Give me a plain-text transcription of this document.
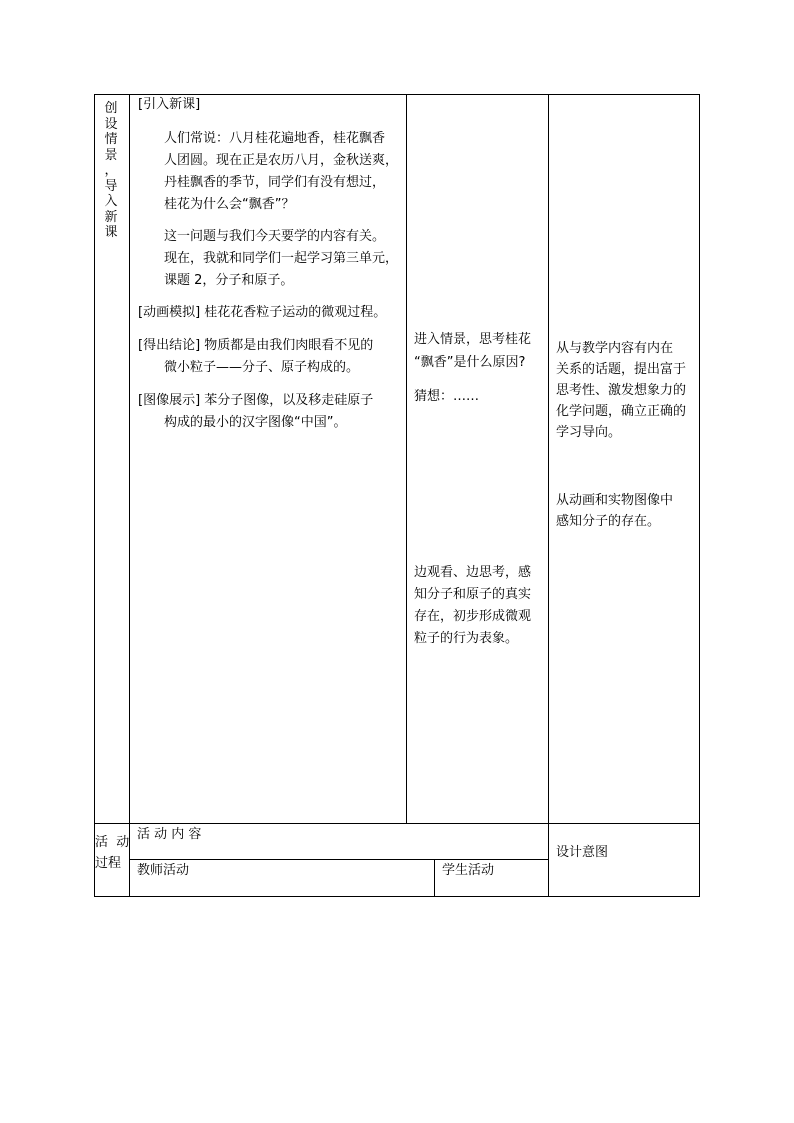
创
设
情
景
，
导
入
新
课
[引入新课]
人们常说：八月桂花遍地香，桂花飘香
人团圆。现在正是农历八月，金秋送爽，
丹桂飘香的季节，同学们有没有想过，
桂花为什么会“飘香”？
这一问题与我们今天要学的内容有关。
现在，我就和同学们一起学习第三单元，
课题 2，分子和原子。
[动画模拟] 桂花花香粒子运动的微观过程。
[得出结论] 物质都是由我们肉眼看不见的
微小粒子——分子、原子构成的。
[图像展示] 苯分子图像，以及移走硅原子
构成的最小的汉字图像“中国”。
进入情景，思考桂花
“飘香”是什么原因?
猜想：……
边观看、边思考，感
知分子和原子的真实
存在，初步形成微观
粒子的行为表象。
从与教学内容有内在
关系的话题，提出富于
思考性、激发想象力的
化学问题，确立正确的
学习导向。
从动画和实物图像中
感知分子的存在。
活  动
过程
活 动 内 容
教师活动	学生活动
设计意图
